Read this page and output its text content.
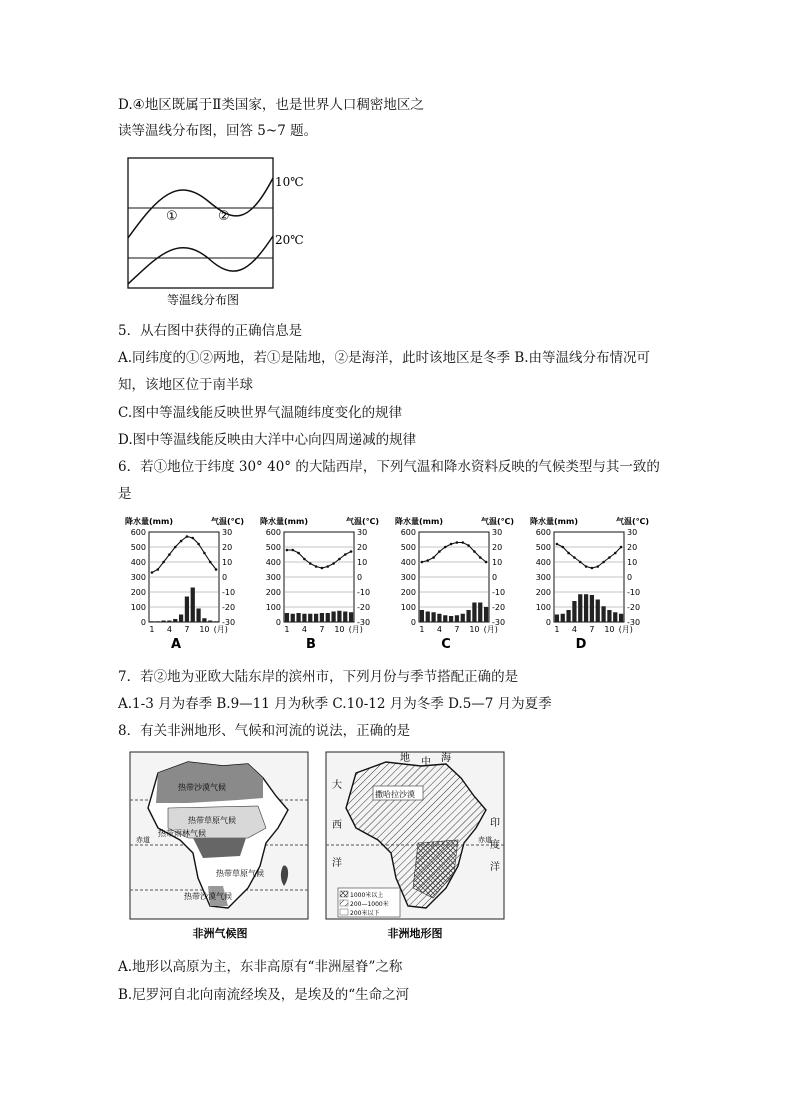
D.④地区既属于Ⅱ类国家，也是世界人口稠密地区之
读等温线分布图，回答 5~7 题。
10℃
20℃
①	②
等温线分布图
5．从右图中获得的正确信息是
A.同纬度的①②两地，若①是陆地，②是海洋，此时该地区是冬季 B.由等温线分布情况可
知，该地区位于南半球
C.图中等温线能反映世界气温随纬度变化的规律
D.图中等温线能反映由大洋中心向四周递减的规律
6．若①地位于纬度 30° 40° 的大陆西岸，下列气温和降水资料反映的气候类型与其一致的
是
降水量(mm)	气温(℃)
600
500
400
300
200
100
0
30
20
10
0
-10
-20
-30
1 4 7 10 (月)
A
降水量(mm)	气温(℃)
600
500
400
300
200
100
0
30
20
10
0
-10
-20
-30
1 4 7 10 (月)
B
降水量(mm)	气温(℃)
600
500
400
300
200
100
0
30
20
10
0
-10
-20
-30
1 4 7 10 (月)
C
降水量(mm)	气温(℃)
600
500
400
300
200
100
0
30
20
10
0
-10
-20
-30
1 4 7 10 (月)
D
7．若②地为亚欧大陆东岸的滨州市，下列月份与季节搭配正确的是
A.1-3 月为春季 B.9—11 月为秋季 C.10-12 月为冬季 D.5—7 月为夏季
8．有关非洲地形、气候和河流的说法，正确的是
热带沙漠气候
热带草原气候
热带雨林气候
热带草原气候
热带沙漠气候
赤道
非洲气候图
撒哈拉沙漠
地 中 海
大
西
洋
印
度
洋
赤道
1000米以上
200—1000米
200米以下
非洲地形图
A.地形以高原为主，东非高原有“非洲屋脊”之称
B.尼罗河自北向南流经埃及，是埃及的“生命之河
